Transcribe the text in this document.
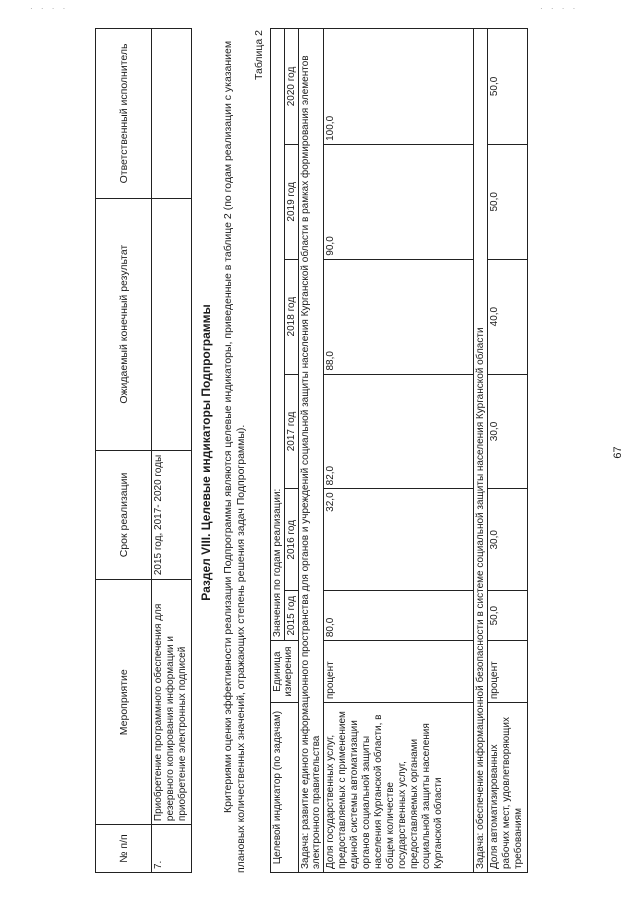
· · · ·	· · · ·
67
№ п/п	Мероприятие	Срок реализации	Ожидаемый конечный результат	Ответственный исполнитель
7.	Приобретение программного обеспечения для резервного копирования информации и приобретение электронных подписей	2015 год, 2017- 2020 годы			Раздел VIII. Целевые индикаторы Подпрограммы Критериями оценки эффективности реализации Подпрограммы являются целевые индикаторы, приведенные в таблице 2 (по годам реализации с указанием плановых количественных значений, отражающих степень решения задач Подпрограммы).
Таблица 2
Целевой индикатор (по задачам)	Единица измерения	Значения по годам реализации:					
		2015 год	2016 год	2017 год	2018 год	2019 год	2020 год
Задача: развитие единого информационного пространства для органов и учреждений социальной защиты населения Курганской области в рамках формирования элементов электронного правительства							
Доля государственных услуг, предоставляемых с применением единой системы автоматизации органов социальной защиты населения Курганской области, в общем количестве государственных услуг, предоставляемых органами социальной защиты населения Курганской области	процент	80,0	32,0	82,0	88,0	90,0	100,0
Задача: обеспечение информационной безопасности в системе социальной защиты населения Курганской области							
Доля автоматизированных рабочих мест, удовлетворяющих требованиям	процент	50,0	30,0	30,0	40,0	50,0	50,0
